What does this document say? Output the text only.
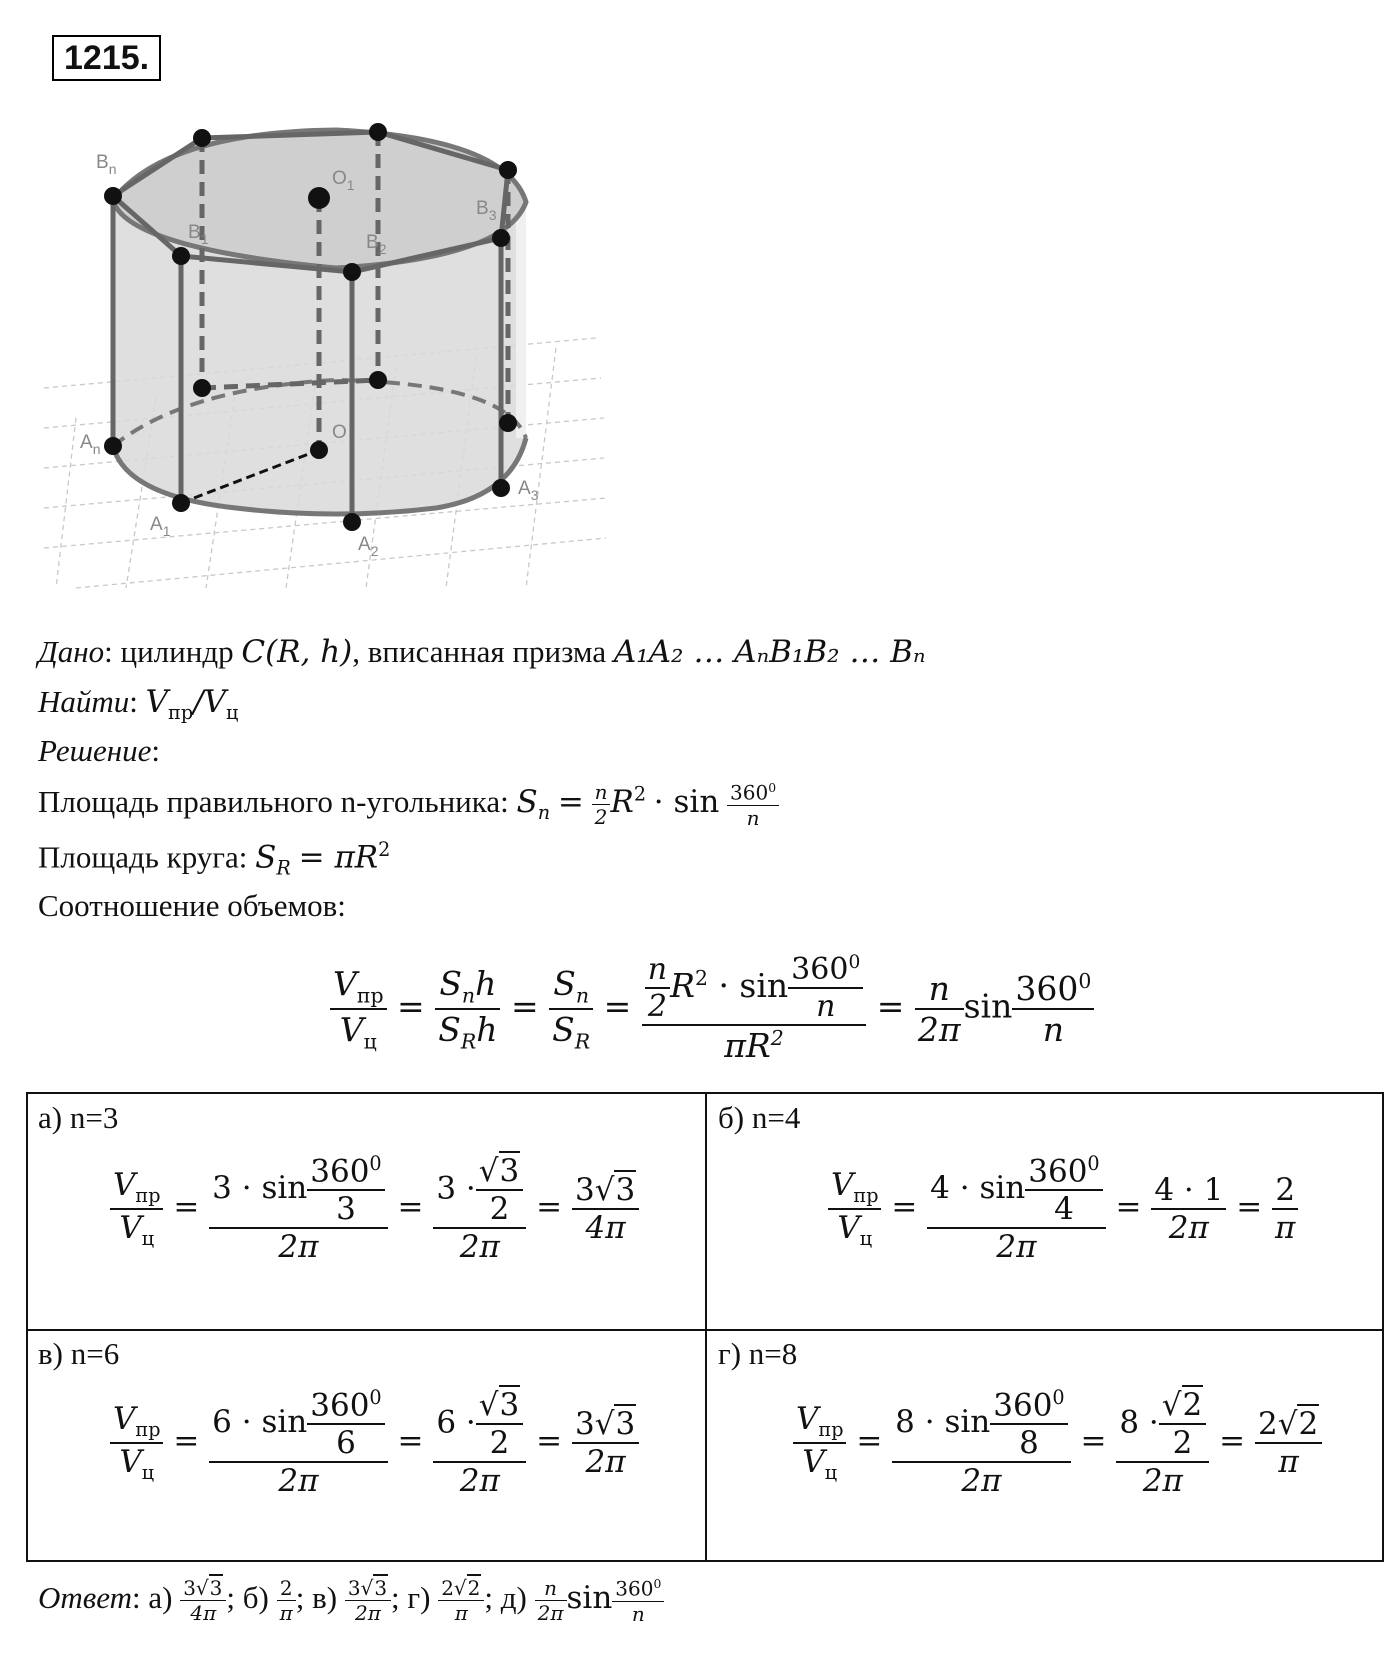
1215.
$B_n$
$B_1$	$B_2$
$B_3$
$O_1$
O
$A_n$
$A_1$
$A_2$
$A_3$
Дано: цилиндр C(R, h), вписанная призма A₁A₂ … AₙB₁B₂ … Bₙ
Найти: $V_{пр}/V_ц$
Решение:
Площадь правильного n-угольника: $S_n = \frac{n}{2} R^2 \cdot \sin \frac{360^0}{n}$
Площадь круга: $S_R = \pi R^2$
Соотношение объемов:
$\frac{V_{пр}}{V_ц} = \frac{S_nh}{S_Rh} = \frac{S_n}{S_R} = \frac{\frac{n}{2} R^2 \cdot \sin \frac{360^0}{n}}{\pi R^2} = \frac{n}{2\pi}$ $\sin \frac{360^0}{n}$
а) n=3
$\frac{V_{пр}}{V_ц} = \frac{3 \cdot \sin \frac{360^0}{3}}{2\pi} = \frac{3 \cdot \frac{√3}{2}}{2\pi} = \frac{3√3}{4\pi}$
б) n=4
$\frac{V_{пр}}{V_ц} = \frac{4 \cdot \sin \frac{360^0}{4}}{2\pi} = \frac{4 \cdot 1}{2\pi} = \frac{2}{\pi}$
в) n=6
$\frac{V_{пр}}{V_ц} = \frac{6 \cdot \sin \frac{360^0}{6}}{2\pi} = \frac{6 \cdot \frac{√3}{2}}{2\pi} = \frac{3√3}{2\pi}$
г) n=8
$\frac{V_{пр}}{V_ц} = \frac{8 \cdot \sin \frac{360^0}{8}}{2\pi} = \frac{8 \cdot \frac{√2}{2}}{2\pi} = \frac{2√2}{\pi}$
Ответ: $а) \frac{3√3}{4\pi}$ ; $б) \frac{2}{\pi}$ ; $в) \frac{3√3}{2\pi}$ ; $г) \frac{2√2}{\pi}$ ; $д) \frac{n}{2\pi}$ $\sin \frac{360^0}{n}$
